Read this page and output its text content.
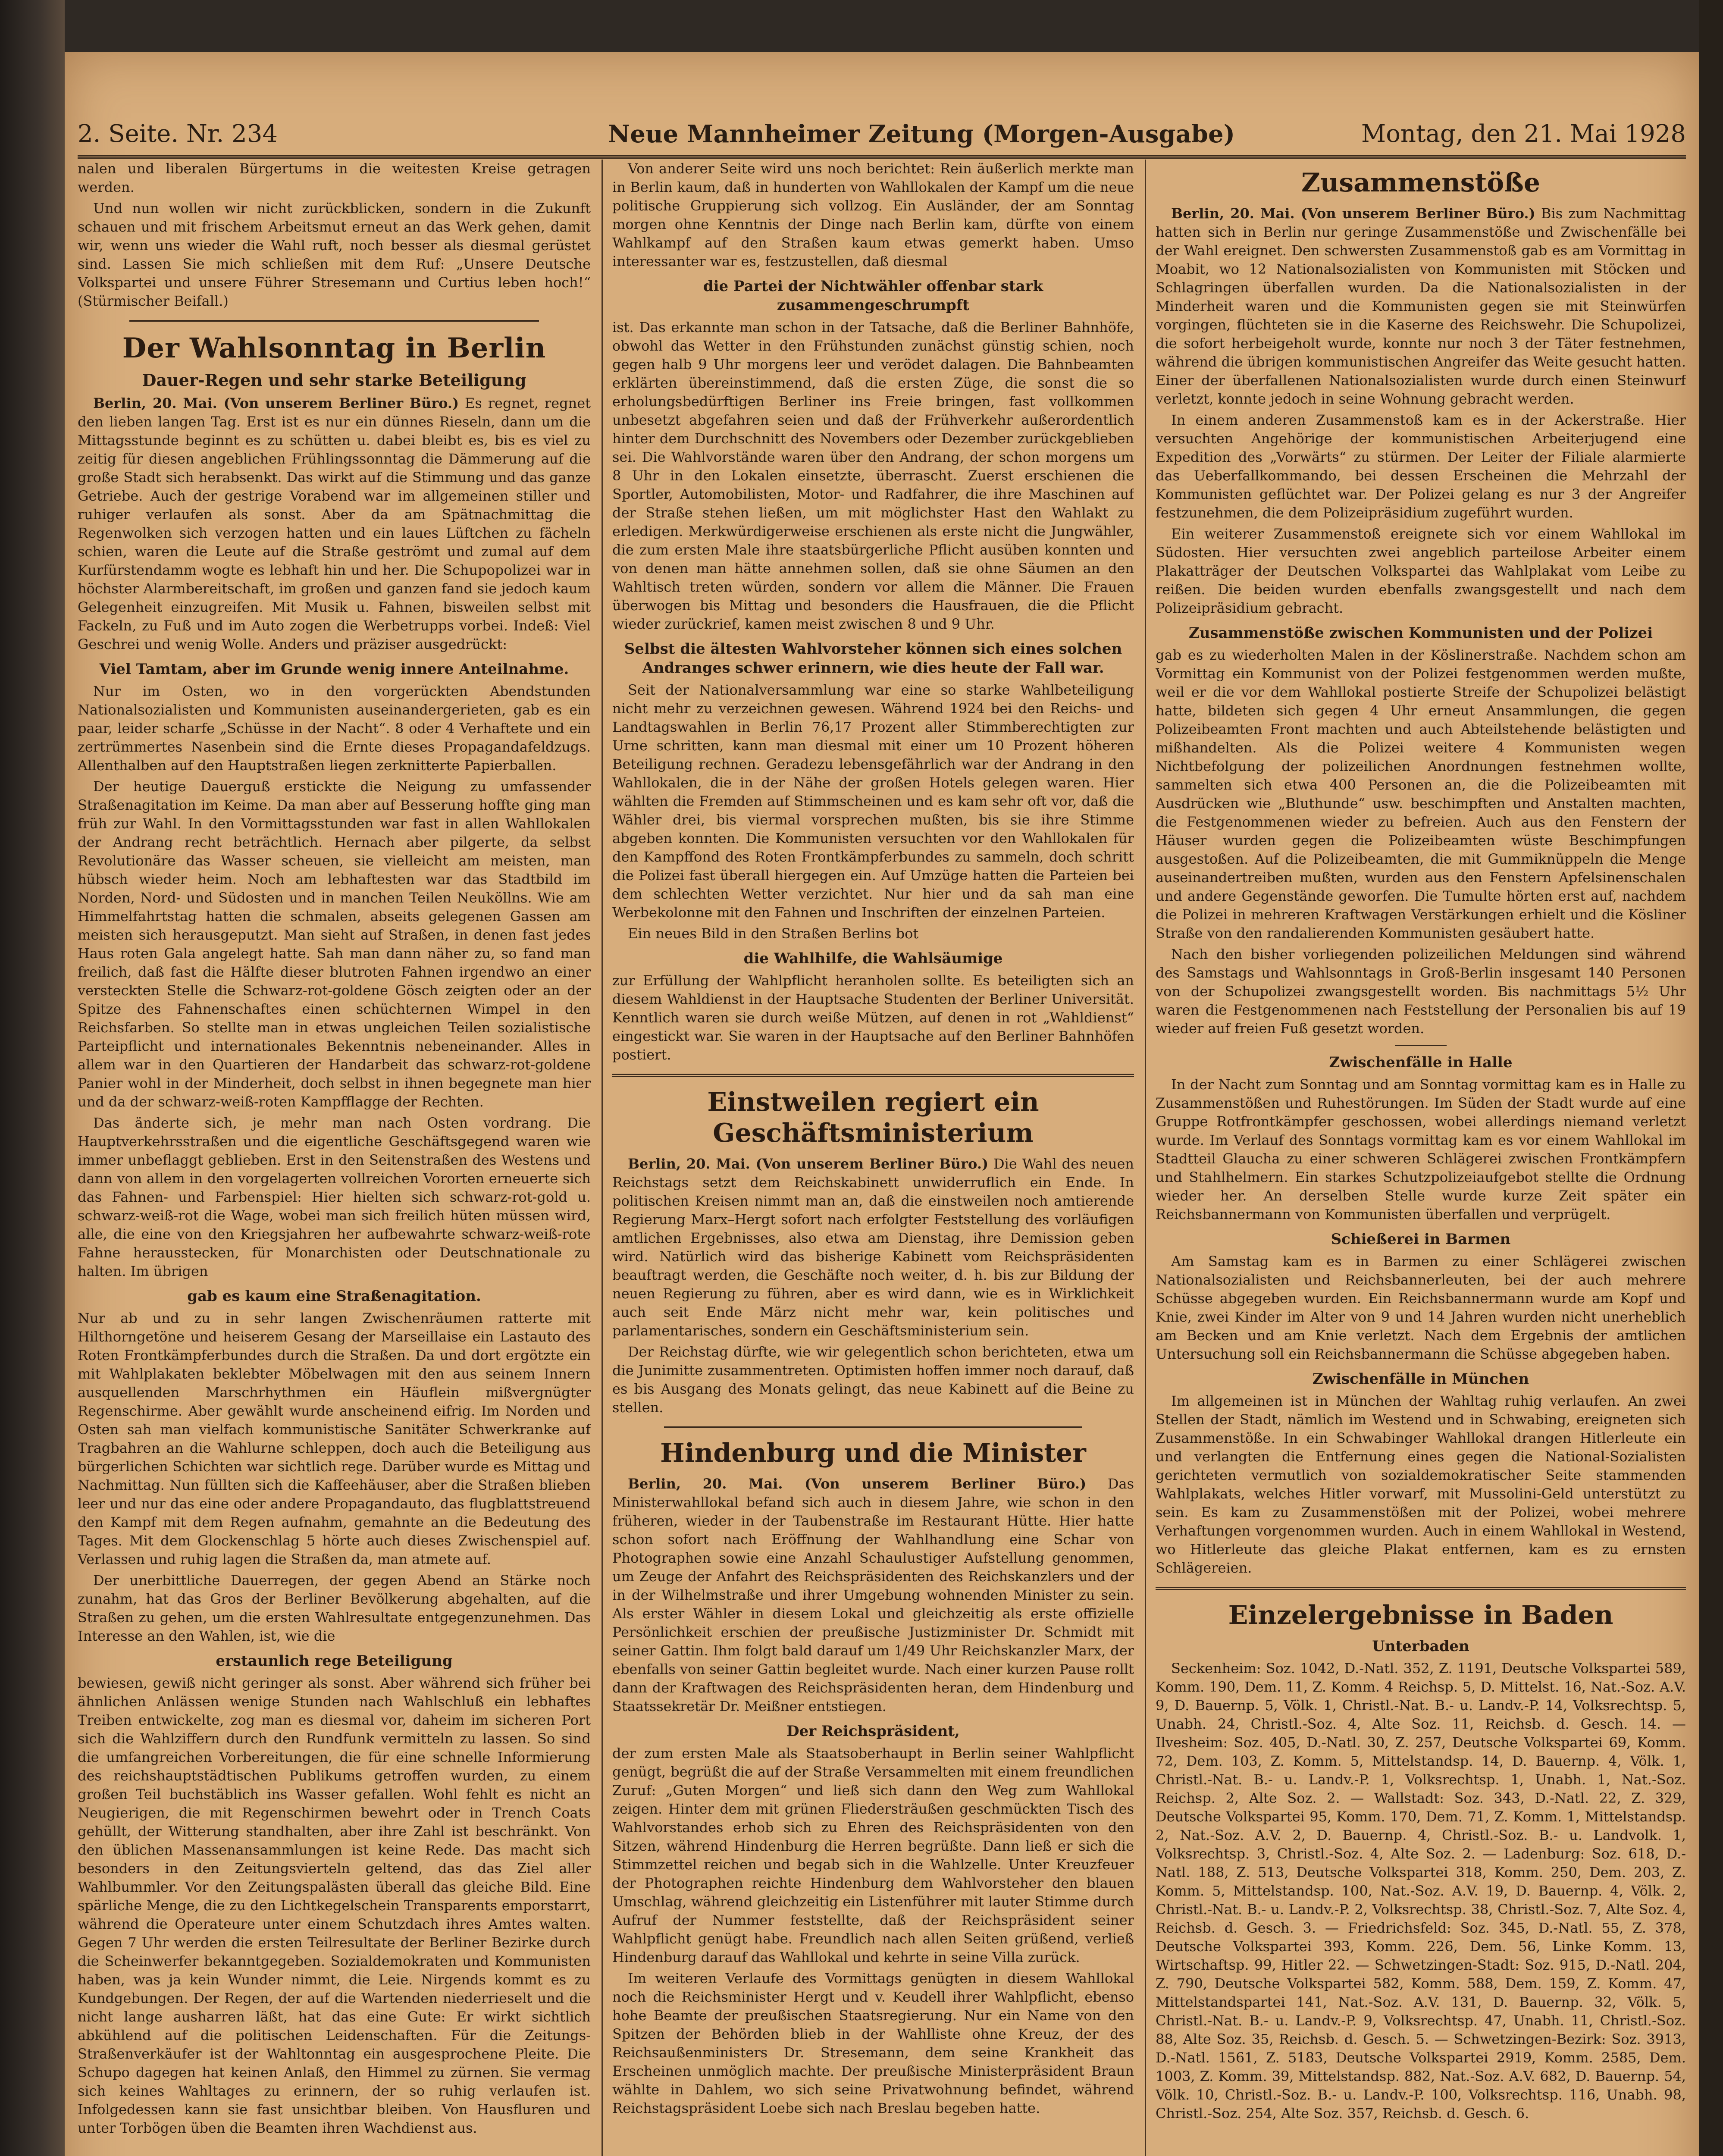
2. Seite. Nr. 234	Neue Mannheimer Zeitung (Morgen-Ausgabe)	Montag, den 21. Mai 1928

nalen und liberalen Bürgertums in die weitesten Kreise getragen werden.

Und nun wollen wir nicht zurückblicken, sondern in die Zukunft schauen und mit frischem Arbeitsmut erneut an das Werk gehen, damit wir, wenn uns wieder die Wahl ruft, noch besser als diesmal gerüstet sind. Lassen Sie mich schließen mit dem Ruf: „Unsere Deutsche Volkspartei und unsere Führer Stresemann und Curtius leben hoch!“ (Stürmischer Beifall.)

Der Wahlsonntag in Berlin
Dauer-Regen und sehr starke Beteiligung

Berlin, 20. Mai. (Von unserem Berliner Büro.) Es regnet, regnet den lieben langen Tag. Erst ist es nur ein dünnes Rieseln, dann um die Mittagsstunde beginnt es zu schütten u. dabei bleibt es, bis es viel zu zeitig für diesen angeblichen Frühlingssonntag die Dämmerung auf die große Stadt sich herabsenkt. Das wirkt auf die Stimmung und das ganze Getriebe. Auch der gestrige Vorabend war im allgemeinen stiller und ruhiger verlaufen als sonst. Aber da am Spätnachmittag die Regenwolken sich verzogen hatten und ein laues Lüftchen zu fächeln schien, waren die Leute auf die Straße geströmt und zumal auf dem Kurfürstendamm wogte es lebhaft hin und her. Die Schupopolizei war in höchster Alarmbereitschaft, im großen und ganzen fand sie jedoch kaum Gelegenheit einzugreifen. Mit Musik u. Fahnen, bisweilen selbst mit Fackeln, zu Fuß und im Auto zogen die Werbetrupps vorbei. Indeß: Viel Geschrei und wenig Wolle. Anders und präziser ausgedrückt:

Viel Tamtam, aber im Grunde wenig innere Anteilnahme.

Nur im Osten, wo in den vorgerückten Abendstunden Nationalsozialisten und Kommunisten auseinandergerieten, gab es ein paar, leider scharfe „Schüsse in der Nacht“. 8 oder 4 Verhaftete und ein zertrümmertes Nasenbein sind die Ernte dieses Propagandafeldzugs. Allenthalben auf den Hauptstraßen liegen zerknitterte Papierballen.

Der heutige Dauerguß erstickte die Neigung zu umfassender Straßenagitation im Keime. Da man aber auf Besserung hoffte ging man früh zur Wahl. In den Vormittagsstunden war fast in allen Wahllokalen der Andrang recht beträchtlich. Hernach aber pilgerte, da selbst Revolutionäre das Wasser scheuen, sie vielleicht am meisten, man hübsch wieder heim. Noch am lebhaftesten war das Stadtbild im Norden, Nord- und Südosten und in manchen Teilen Neuköllns. Wie am Himmelfahrtstag hatten die schmalen, abseits gelegenen Gassen am meisten sich herausgeputzt. Man sieht auf Straßen, in denen fast jedes Haus roten Gala angelegt hatte. Sah man dann näher zu, so fand man freilich, daß fast die Hälfte dieser blutroten Fahnen irgendwo an einer versteckten Stelle die Schwarz-rot-goldene Gösch zeigten oder an der Spitze des Fahnenschaftes einen schüchternen Wimpel in den Reichsfarben. So stellte man in etwas ungleichen Teilen sozialistische Parteipflicht und internationales Bekenntnis nebeneinander. Alles in allem war in den Quartieren der Handarbeit das schwarz-rot-goldene Panier wohl in der Minderheit, doch selbst in ihnen begegnete man hier und da der schwarz-weiß-roten Kampfflagge der Rechten.

Das änderte sich, je mehr man nach Osten vordrang. Die Hauptverkehrsstraßen und die eigentliche Geschäftsgegend waren wie immer unbeflaggt geblieben. Erst in den Seitenstraßen des Westens und dann von allem in den vorgelagerten vollreichen Vororten erneuerte sich das Fahnen- und Farbenspiel: Hier hielten sich schwarz-rot-gold u. schwarz-weiß-rot die Wage, wobei man sich freilich hüten müssen wird, alle, die eine von den Kriegsjahren her aufbewahrte schwarz-weiß-rote Fahne herausstecken, für Monarchisten oder Deutschnationale zu halten. Im übrigen

gab es kaum eine Straßenagitation.

Nur ab und zu in sehr langen Zwischenräumen ratterte mit Hilthorngetöne und heiserem Gesang der Marseillaise ein Lastauto des Roten Frontkämpferbundes durch die Straßen. Da und dort ergötzte ein mit Wahlplakaten beklebter Möbelwagen mit den aus seinem Innern ausquellenden Marschrhythmen ein Häuflein mißvergnügter Regenschirme. Aber gewählt wurde anscheinend eifrig. Im Norden und Osten sah man vielfach kommunistische Sanitäter Schwerkranke auf Tragbahren an die Wahlurne schleppen, doch auch die Beteiligung aus bürgerlichen Schichten war sichtlich rege. Darüber wurde es Mittag und Nachmittag. Nun füllten sich die Kaffeehäuser, aber die Straßen blieben leer und nur das eine oder andere Propagandauto, das flugblattstreuend den Kampf mit dem Regen aufnahm, gemahnte an die Bedeutung des Tages. Mit dem Glockenschlag 5 hörte auch dieses Zwischenspiel auf. Verlassen und ruhig lagen die Straßen da, man atmete auf.

Der unerbittliche Dauerregen, der gegen Abend an Stärke noch zunahm, hat das Gros der Berliner Bevölkerung abgehalten, auf die Straßen zu gehen, um die ersten Wahlresultate entgegenzunehmen. Das Interesse an den Wahlen, ist, wie die

erstaunlich rege Beteiligung

bewiesen, gewiß nicht geringer als sonst. Aber während sich früher bei ähnlichen Anlässen wenige Stunden nach Wahlschluß ein lebhaftes Treiben entwickelte, zog man es diesmal vor, daheim im sicheren Port sich die Wahlziffern durch den Rundfunk vermitteln zu lassen. So sind die umfangreichen Vorbereitungen, die für eine schnelle Informierung des reichshauptstädtischen Publikums getroffen wurden, zu einem großen Teil buchstäblich ins Wasser gefallen. Wohl fehlt es nicht an Neugierigen, die mit Regenschirmen bewehrt oder in Trench Coats gehüllt, der Witterung standhalten, aber ihre Zahl ist beschränkt. Von den üblichen Massenansammlungen ist keine Rede. Das macht sich besonders in den Zeitungsvierteln geltend, das das Ziel aller Wahlbummler. Vor den Zeitungspalästen überall das gleiche Bild. Eine spärliche Menge, die zu den Lichtkegelschein Transparents emporstarrt, während die Operateure unter einem Schutzdach ihres Amtes walten. Gegen 7 Uhr werden die ersten Teilresultate der Berliner Bezirke durch die Scheinwerfer bekanntgegeben. Sozialdemokraten und Kommunisten haben, was ja kein Wunder nimmt, die Leie. Nirgends kommt es zu Kundgebungen. Der Regen, der auf die Wartenden niederrieselt und die nicht lange ausharren läßt, hat das eine Gute: Er wirkt sichtlich abkühlend auf die politischen Leidenschaften. Für die Zeitungs-Straßenverkäufer ist der Wahltonntag ein ausgesprochene Pleite. Die Schupo dagegen hat keinen Anlaß, den Himmel zu zürnen. Sie vermag sich keines Wahltages zu erinnern, der so ruhig verlaufen ist. Infolgedessen kann sie fast unsichtbar bleiben. Von Hausfluren und unter Torbögen üben die Beamten ihren Wachdienst aus.

Von anderer Seite wird uns noch berichtet: Rein äußerlich merkte man in Berlin kaum, daß in hunderten von Wahllokalen der Kampf um die neue politische Gruppierung sich vollzog. Ein Ausländer, der am Sonntag morgen ohne Kenntnis der Dinge nach Berlin kam, dürfte von einem Wahlkampf auf den Straßen kaum etwas gemerkt haben. Umso interessanter war es, festzustellen, daß diesmal

die Partei der Nichtwähler offenbar stark zusammengeschrumpft

ist. Das erkannte man schon in der Tatsache, daß die Berliner Bahnhöfe, obwohl das Wetter in den Frühstunden zunächst günstig schien, noch gegen halb 9 Uhr morgens leer und verödet dalagen. Die Bahnbeamten erklärten übereinstimmend, daß die ersten Züge, die sonst die so erholungsbedürftigen Berliner ins Freie bringen, fast vollkommen unbesetzt abgefahren seien und daß der Frühverkehr außerordentlich hinter dem Durchschnitt des Novembers oder Dezember zurückgeblieben sei. Die Wahlvorstände waren über den Andrang, der schon morgens um 8 Uhr in den Lokalen einsetzte, überrascht. Zuerst erschienen die Sportler, Automobilisten, Motor- und Radfahrer, die ihre Maschinen auf der Straße stehen ließen, um mit möglichster Hast den Wahlakt zu erledigen. Merkwürdigerweise erschienen als erste nicht die Jungwähler, die zum ersten Male ihre staatsbürgerliche Pflicht ausüben konnten und von denen man hätte annehmen sollen, daß sie ohne Säumen an den Wahltisch treten würden, sondern vor allem die Männer. Die Frauen überwogen bis Mittag und besonders die Hausfrauen, die die Pflicht wieder zurückrief, kamen meist zwischen 8 und 9 Uhr.

Selbst die ältesten Wahlvorsteher können sich eines solchen Andranges schwer erinnern, wie dies heute der Fall war.

Seit der Nationalversammlung war eine so starke Wahlbeteiligung nicht mehr zu verzeichnen gewesen. Während 1924 bei den Reichs- und Landtagswahlen in Berlin 76,17 Prozent aller Stimmberechtigten zur Urne schritten, kann man diesmal mit einer um 10 Prozent höheren Beteiligung rechnen. Geradezu lebensgefährlich war der Andrang in den Wahllokalen, die in der Nähe der großen Hotels gelegen waren. Hier wählten die Fremden auf Stimmscheinen und es kam sehr oft vor, daß die Wähler drei, bis viermal vorsprechen mußten, bis sie ihre Stimme abgeben konnten. Die Kommunisten versuchten vor den Wahllokalen für den Kampffond des Roten Frontkämpferbundes zu sammeln, doch schritt die Polizei fast überall hiergegen ein. Auf Umzüge hatten die Parteien bei dem schlechten Wetter verzichtet. Nur hier und da sah man eine Werbekolonne mit den Fahnen und Inschriften der einzelnen Parteien.

Ein neues Bild in den Straßen Berlins bot

die Wahlhilfe, die Wahlsäumige

zur Erfüllung der Wahlpflicht heranholen sollte. Es beteiligten sich an diesem Wahldienst in der Hauptsache Studenten der Berliner Universität. Kenntlich waren sie durch weiße Mützen, auf denen in rot „Wahldienst“ eingestickt war. Sie waren in der Hauptsache auf den Berliner Bahnhöfen postiert.

Einstweilen regiert ein Geschäftsministerium

Berlin, 20. Mai. (Von unserem Berliner Büro.) Die Wahl des neuen Reichstags setzt dem Reichskabinett unwiderruflich ein Ende. In politischen Kreisen nimmt man an, daß die einstweilen noch amtierende Regierung Marx–Hergt sofort nach erfolgter Feststellung des vorläufigen amtlichen Ergebnisses, also etwa am Dienstag, ihre Demission geben wird. Natürlich wird das bisherige Kabinett vom Reichspräsidenten beauftragt werden, die Geschäfte noch weiter, d. h. bis zur Bildung der neuen Regierung zu führen, aber es wird dann, wie es in Wirklichkeit auch seit Ende März nicht mehr war, kein politisches und parlamentarisches, sondern ein Geschäftsministerium sein.

Der Reichstag dürfte, wie wir gelegentlich schon berichteten, etwa um die Junimitte zusammentreten. Optimisten hoffen immer noch darauf, daß es bis Ausgang des Monats gelingt, das neue Kabinett auf die Beine zu stellen.

Hindenburg und die Minister

Berlin, 20. Mai. (Von unserem Berliner Büro.) Das Ministerwahllokal befand sich auch in diesem Jahre, wie schon in den früheren, wieder in der Taubenstraße im Restaurant Hütte. Hier hatte schon sofort nach Eröffnung der Wahlhandlung eine Schar von Photographen sowie eine Anzahl Schaulustiger Aufstellung genommen, um Zeuge der Anfahrt des Reichspräsidenten des Reichskanzlers und der in der Wilhelmstraße und ihrer Umgebung wohnenden Minister zu sein. Als erster Wähler in diesem Lokal und gleichzeitig als erste offizielle Persönlichkeit erschien der preußische Justizminister Dr. Schmidt mit seiner Gattin. Ihm folgt bald darauf um 1/49 Uhr Reichskanzler Marx, der ebenfalls von seiner Gattin begleitet wurde. Nach einer kurzen Pause rollt dann der Kraftwagen des Reichspräsidenten heran, dem Hindenburg und Staatssekretär Dr. Meißner entstiegen.

Der Reichspräsident,

der zum ersten Male als Staatsoberhaupt in Berlin seiner Wahlpflicht genügt, begrüßt die auf der Straße Versammelten mit einem freundlichen Zuruf: „Guten Morgen“ und ließ sich dann den Weg zum Wahllokal zeigen. Hinter dem mit grünen Fliedersträußen geschmückten Tisch des Wahlvorstandes erhob sich zu Ehren des Reichspräsidenten von den Sitzen, während Hindenburg die Herren begrüßte. Dann ließ er sich die Stimmzettel reichen und begab sich in die Wahlzelle. Unter Kreuzfeuer der Photographen reichte Hindenburg dem Wahlvorsteher den blauen Umschlag, während gleichzeitig ein Listenführer mit lauter Stimme durch Aufruf der Nummer feststellte, daß der Reichspräsident seiner Wahlpflicht genügt habe. Freundlich nach allen Seiten grüßend, verließ Hindenburg darauf das Wahllokal und kehrte in seine Villa zurück.

Im weiteren Verlaufe des Vormittags genügten in diesem Wahllokal noch die Reichsminister Hergt und v. Keudell ihrer Wahlpflicht, ebenso hohe Beamte der preußischen Staatsregierung. Nur ein Name von den Spitzen der Behörden blieb in der Wahlliste ohne Kreuz, der des Reichsaußenministers Dr. Stresemann, dem seine Krankheit das Erscheinen unmöglich machte. Der preußische Ministerpräsident Braun wählte in Dahlem, wo sich seine Privatwohnung befindet, während Reichstagspräsident Loebe sich nach Breslau begeben hatte.

Zusammenstöße

Berlin, 20. Mai. (Von unserem Berliner Büro.) Bis zum Nachmittag hatten sich in Berlin nur geringe Zusammenstöße und Zwischenfälle bei der Wahl ereignet. Den schwersten Zusammenstoß gab es am Vormittag in Moabit, wo 12 Nationalsozialisten von Kommunisten mit Stöcken und Schlagringen überfallen wurden. Da die Nationalsozialisten in der Minderheit waren und die Kommunisten gegen sie mit Steinwürfen vorgingen, flüchteten sie in die Kaserne des Reichswehr. Die Schupolizei, die sofort herbeigeholt wurde, konnte nur noch 3 der Täter festnehmen, während die übrigen kommunistischen Angreifer das Weite gesucht hatten. Einer der überfallenen Nationalsozialisten wurde durch einen Steinwurf verletzt, konnte jedoch in seine Wohnung gebracht werden.

In einem anderen Zusammenstoß kam es in der Ackerstraße. Hier versuchten Angehörige der kommunistischen Arbeiterjugend eine Expedition des „Vorwärts“ zu stürmen. Der Leiter der Filiale alarmierte das Ueberfallkommando, bei dessen Erscheinen die Mehrzahl der Kommunisten geflüchtet war. Der Polizei gelang es nur 3 der Angreifer festzunehmen, die dem Polizeipräsidium zugeführt wurden.

Ein weiterer Zusammenstoß ereignete sich vor einem Wahllokal im Südosten. Hier versuchten zwei angeblich parteilose Arbeiter einem Plakatträger der Deutschen Volkspartei das Wahlplakat vom Leibe zu reißen. Die beiden wurden ebenfalls zwangsgestellt und nach dem Polizeipräsidium gebracht.

Zusammenstöße zwischen Kommunisten und der Polizei

gab es zu wiederholten Malen in der Köslinerstraße. Nachdem schon am Vormittag ein Kommunist von der Polizei festgenommen werden mußte, weil er die vor dem Wahllokal postierte Streife der Schupolizei belästigt hatte, bildeten sich gegen 4 Uhr erneut Ansammlungen, die gegen Polizeibeamten Front machten und auch Abteilstehende belästigten und mißhandelten. Als die Polizei weitere 4 Kommunisten wegen Nichtbefolgung der polizeilichen Anordnungen festnehmen wollte, sammelten sich etwa 400 Personen an, die die Polizeibeamten mit Ausdrücken wie „Bluthunde“ usw. beschimpften und Anstalten machten, die Festgenommenen wieder zu befreien. Auch aus den Fenstern der Häuser wurden gegen die Polizeibeamten wüste Beschimpfungen ausgestoßen. Auf die Polizeibeamten, die mit Gummiknüppeln die Menge auseinandertreiben mußten, wurden aus den Fenstern Apfelsinenschalen und andere Gegenstände geworfen. Die Tumulte hörten erst auf, nachdem die Polizei in mehreren Kraftwagen Verstärkungen erhielt und die Kösliner Straße von den randalierenden Kommunisten gesäubert hatte.

Nach den bisher vorliegenden polizeilichen Meldungen sind während des Samstags und Wahlsonntags in Groß-Berlin insgesamt 140 Personen von der Schupolizei zwangsgestellt worden. Bis nachmittags 5½ Uhr waren die Festgenommenen nach Feststellung der Personalien bis auf 19 wieder auf freien Fuß gesetzt worden.

Zwischenfälle in Halle

In der Nacht zum Sonntag und am Sonntag vormittag kam es in Halle zu Zusammenstößen und Ruhestörungen. Im Süden der Stadt wurde auf eine Gruppe Rotfrontkämpfer geschossen, wobei allerdings niemand verletzt wurde. Im Verlauf des Sonntags vormittag kam es vor einem Wahllokal im Stadtteil Glaucha zu einer schweren Schlägerei zwischen Frontkämpfern und Stahlhelmern. Ein starkes Schutzpolizeiaufgebot stellte die Ordnung wieder her. An derselben Stelle wurde kurze Zeit später ein Reichsbannermann von Kommunisten überfallen und verprügelt.

Schießerei in Barmen

Am Samstag kam es in Barmen zu einer Schlägerei zwischen Nationalsozialisten und Reichsbannerleuten, bei der auch mehrere Schüsse abgegeben wurden. Ein Reichsbannermann wurde am Kopf und Knie, zwei Kinder im Alter von 9 und 14 Jahren wurden nicht unerheblich am Becken und am Knie verletzt. Nach dem Ergebnis der amtlichen Untersuchung soll ein Reichsbannermann die Schüsse abgegeben haben.

Zwischenfälle in München

Im allgemeinen ist in München der Wahltag ruhig verlaufen. An zwei Stellen der Stadt, nämlich im Westend und in Schwabing, ereigneten sich Zusammenstöße. In ein Schwabinger Wahllokal drangen Hitlerleute ein und verlangten die Entfernung eines gegen die National-Sozialisten gerichteten vermutlich von sozialdemokratischer Seite stammenden Wahlplakats, welches Hitler vorwarf, mit Mussolini-Geld unterstützt zu sein. Es kam zu Zusammenstößen mit der Polizei, wobei mehrere Verhaftungen vorgenommen wurden. Auch in einem Wahllokal in Westend, wo Hitlerleute das gleiche Plakat entfernen, kam es zu ernsten Schlägereien.

Einzelergebnisse in Baden
Unterbaden

Seckenheim: Soz. 1042, D.-Natl. 352, Z. 1191, Deutsche Volkspartei 589, Komm. 190, Dem. 11, Z. Komm. 4 Reichsp. 5, D. Mittelst. 16, Nat.-Soz. A.V. 9, D. Bauernp. 5, Völk. 1, Christl.-Nat. B.- u. Landv.-P. 14, Volksrechtsp. 5, Unabh. 24, Christl.-Soz. 4, Alte Soz. 11, Reichsb. d. Gesch. 14. — Ilvesheim: Soz. 405, D.-Natl. 30, Z. 257, Deutsche Volkspartei 69, Komm. 72, Dem. 103, Z. Komm. 5, Mittelstandsp. 14, D. Bauernp. 4, Völk. 1, Christl.-Nat. B.- u. Landv.-P. 1, Volksrechtsp. 1, Unabh. 1, Nat.-Soz. Reichsp. 2, Alte Soz. 2. — Wallstadt: Soz. 343, D.-Natl. 22, Z. 329, Deutsche Volkspartei 95, Komm. 170, Dem. 71, Z. Komm. 1, Mittelstandsp. 2, Nat.-Soz. A.V. 2, D. Bauernp. 4, Christl.-Soz. B.- u. Landvolk. 1, Volksrechtsp. 3, Christl.-Soz. 4, Alte Soz. 2. — Ladenburg: Soz. 618, D.-Natl. 188, Z. 513, Deutsche Volkspartei 318, Komm. 250, Dem. 203, Z. Komm. 5, Mittelstandsp. 100, Nat.-Soz. A.V. 19, D. Bauernp. 4, Völk. 2, Christl.-Nat. B.- u. Landv.-P. 2, Volksrechtsp. 38, Christl.-Soz. 7, Alte Soz. 4, Reichsb. d. Gesch. 3. — Friedrichsfeld: Soz. 345, D.-Natl. 55, Z. 378, Deutsche Volkspartei 393, Komm. 226, Dem. 56, Linke Komm. 13, Wirtschaftsp. 99, Hitler 22. — Schwetzingen-Stadt: Soz. 915, D.-Natl. 204, Z. 790, Deutsche Volkspartei 582, Komm. 588, Dem. 159, Z. Komm. 47, Mittelstandspartei 141, Nat.-Soz. A.V. 131, D. Bauernp. 32, Völk. 5, Christl.-Nat. B.- u. Landv.-P. 9, Volksrechtsp. 47, Unabh. 11, Christl.-Soz. 88, Alte Soz. 35, Reichsb. d. Gesch. 5. — Schwetzingen-Bezirk: Soz. 3913, D.-Natl. 1561, Z. 5183, Deutsche Volkspartei 2919, Komm. 2585, Dem. 1003, Z. Komm. 39, Mittelstandsp. 882, Nat.-Soz. A.V. 682, D. Bauernp. 54, Völk. 10, Christl.-Soz. B.- u. Landv.-P. 100, Volksrechtsp. 116, Unabh. 98, Christl.-Soz. 254, Alte Soz. 357, Reichsb. d. Gesch. 6.
